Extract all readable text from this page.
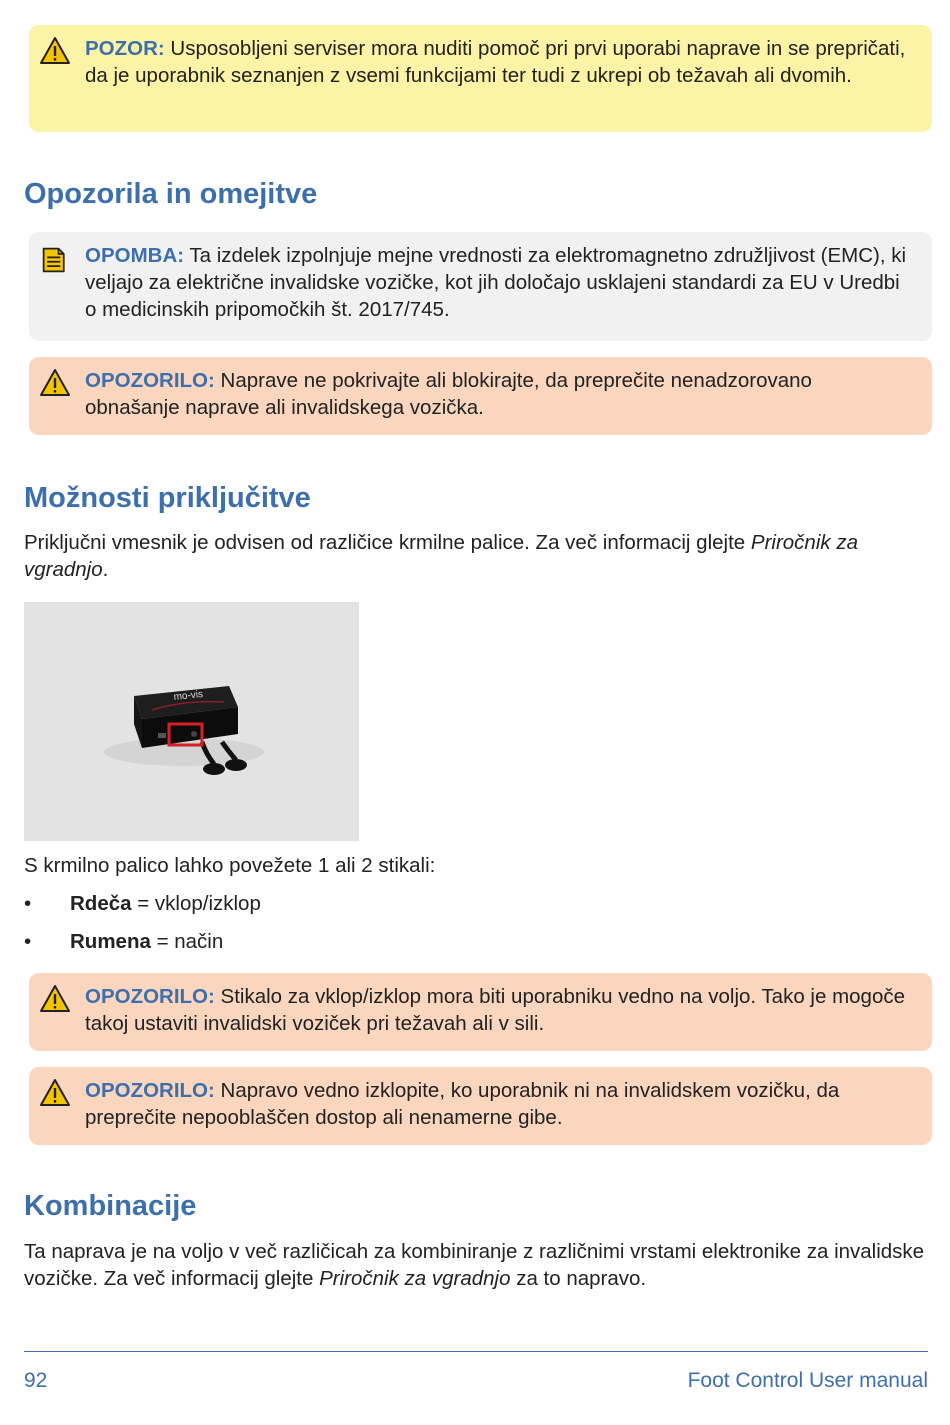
POZOR: Usposobljeni serviser mora nuditi pomoč pri prvi uporabi naprave in se prepričati, da je uporabnik seznanjen z vsemi funkcijami ter tudi z ukrepi ob težavah ali dvomih.
Opozorila in omejitve
OPOMBA: Ta izdelek izpolnjuje mejne vrednosti za elektromagnetno združljivost (EMC), ki veljajo za električne invalidske vozičke, kot jih določajo usklajeni standardi za EU v Uredbi o medicinskih pripomočkih št. 2017/745.
OPOZORILO: Naprave ne pokrivajte ali blokirajte, da preprečite nenadzorovano obnašanje naprave ali invalidskega vozička.
Možnosti priključitve

Priključni vmesnik je odvisen od različice krmilne palice. Za več informacij glejte Priročnik za vgradnjo.

mo-vis

S krmilno palico lahko povežete 1 ali 2 stikali:

• Rdeča = vklop/izklop
• Rumena = način
OPOZORILO: Stikalo za vklop/izklop mora biti uporabniku vedno na voljo. Tako je mogoče takoj ustaviti invalidski voziček pri težavah ali v sili.
OPOZORILO: Napravo vedno izklopite, ko uporabnik ni na invalidskem vozičku, da preprečite nepooblaščen dostop ali nenamerne gibe.
Kombinacije

Ta naprava je na voljo v več različicah za kombiniranje z različnimi vrstami elektronike za invalidske vozičke. Za več informacij glejte Priročnik za vgradnjo za to napravo.

92	Foot Control User manual
